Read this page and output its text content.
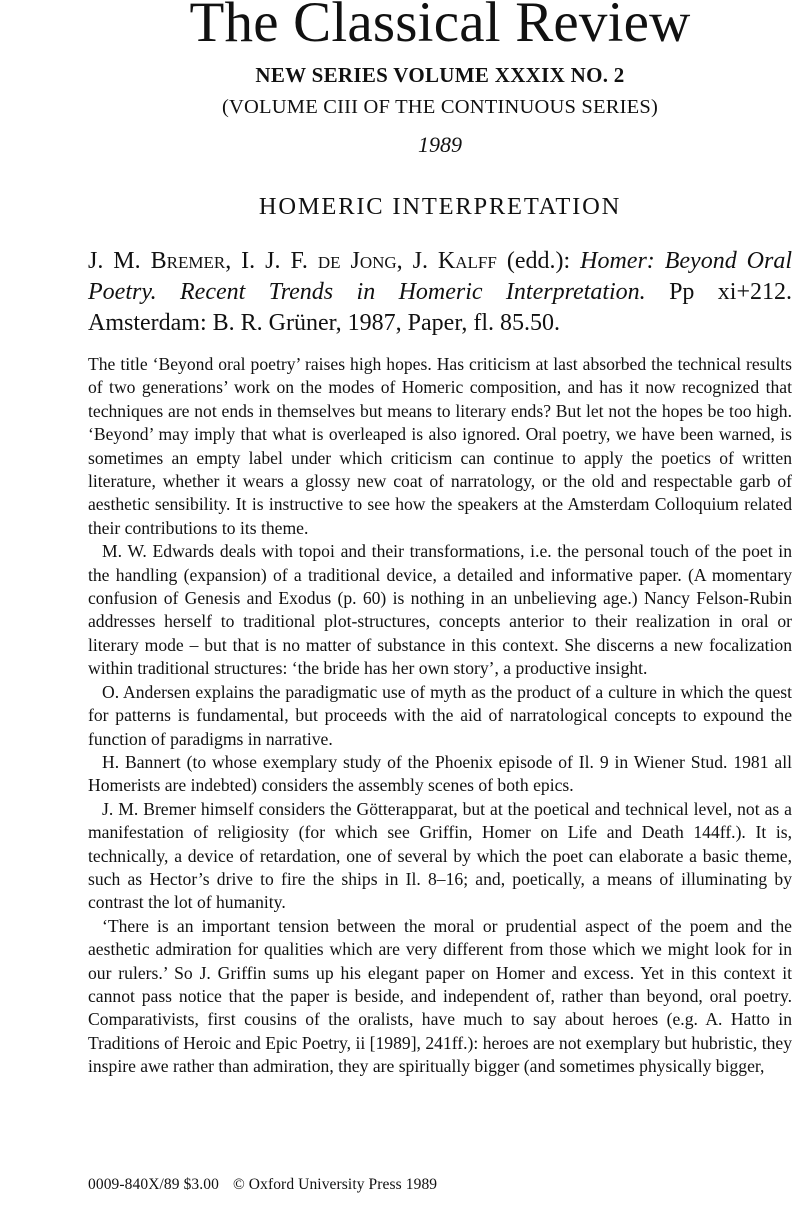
The Classical Review
NEW SERIES VOLUME XXXIX NO. 2
(VOLUME CIII OF THE CONTINUOUS SERIES)
1989
HOMERIC INTERPRETATION
J. M. Bremer, I. J. F. de Jong, J. Kalff (edd.): Homer: Beyond Oral Poetry. Recent Trends in Homeric Interpretation. Pp xi+212. Amsterdam: B. R. Grüner, 1987, Paper, fl. 85.50.

The title ‘Beyond oral poetry’ raises high hopes. Has criticism at last absorbed the technical results of two generations’ work on the modes of Homeric composition, and has it now recognized that techniques are not ends in themselves but means to literary ends? But let not the hopes be too high. ‘Beyond’ may imply that what is overleaped is also ignored. Oral poetry, we have been warned, is sometimes an empty label under which criticism can continue to apply the poetics of written literature, whether it wears a glossy new coat of narratology, or the old and respectable garb of aesthetic sensibility. It is instructive to see how the speakers at the Amsterdam Colloquium related their contributions to its theme.

M. W. Edwards deals with topoi and their transformations, i.e. the personal touch of the poet in the handling (expansion) of a traditional device, a detailed and informative paper. (A momentary confusion of Genesis and Exodus (p. 60) is nothing in an unbelieving age.) Nancy Felson-Rubin addresses herself to traditional plot-structures, concepts anterior to their realization in oral or literary mode – but that is no matter of substance in this context. She discerns a new focalization within traditional structures: ‘the bride has her own story’, a productive insight.

O. Andersen explains the paradigmatic use of myth as the product of a culture in which the quest for patterns is fundamental, but proceeds with the aid of narratological concepts to expound the function of paradigms in narrative.

H. Bannert (to whose exemplary study of the Phoenix episode of Il. 9 in Wiener Stud. 1981 all Homerists are indebted) considers the assembly scenes of both epics.

J. M. Bremer himself considers the Götterapparat, but at the poetical and technical level, not as a manifestation of religiosity (for which see Griffin, Homer on Life and Death 144ff.). It is, technically, a device of retardation, one of several by which the poet can elaborate a basic theme, such as Hector’s drive to fire the ships in Il. 8–16; and, poetically, a means of illuminating by contrast the lot of humanity.

‘There is an important tension between the moral or prudential aspect of the poem and the aesthetic admiration for qualities which are very different from those which we might look for in our rulers.’ So J. Griffin sums up his elegant paper on Homer and excess. Yet in this context it cannot pass notice that the paper is beside, and independent of, rather than beyond, oral poetry. Comparativists, first cousins of the oralists, have much to say about heroes (e.g. A. Hatto in Traditions of Heroic and Epic Poetry, ii [1989], 241ff.): heroes are not exemplary but hubristic, they inspire awe rather than admiration, they are spiritually bigger (and sometimes physically bigger,

0009-840X/89 $3.00 © Oxford University Press 1989
